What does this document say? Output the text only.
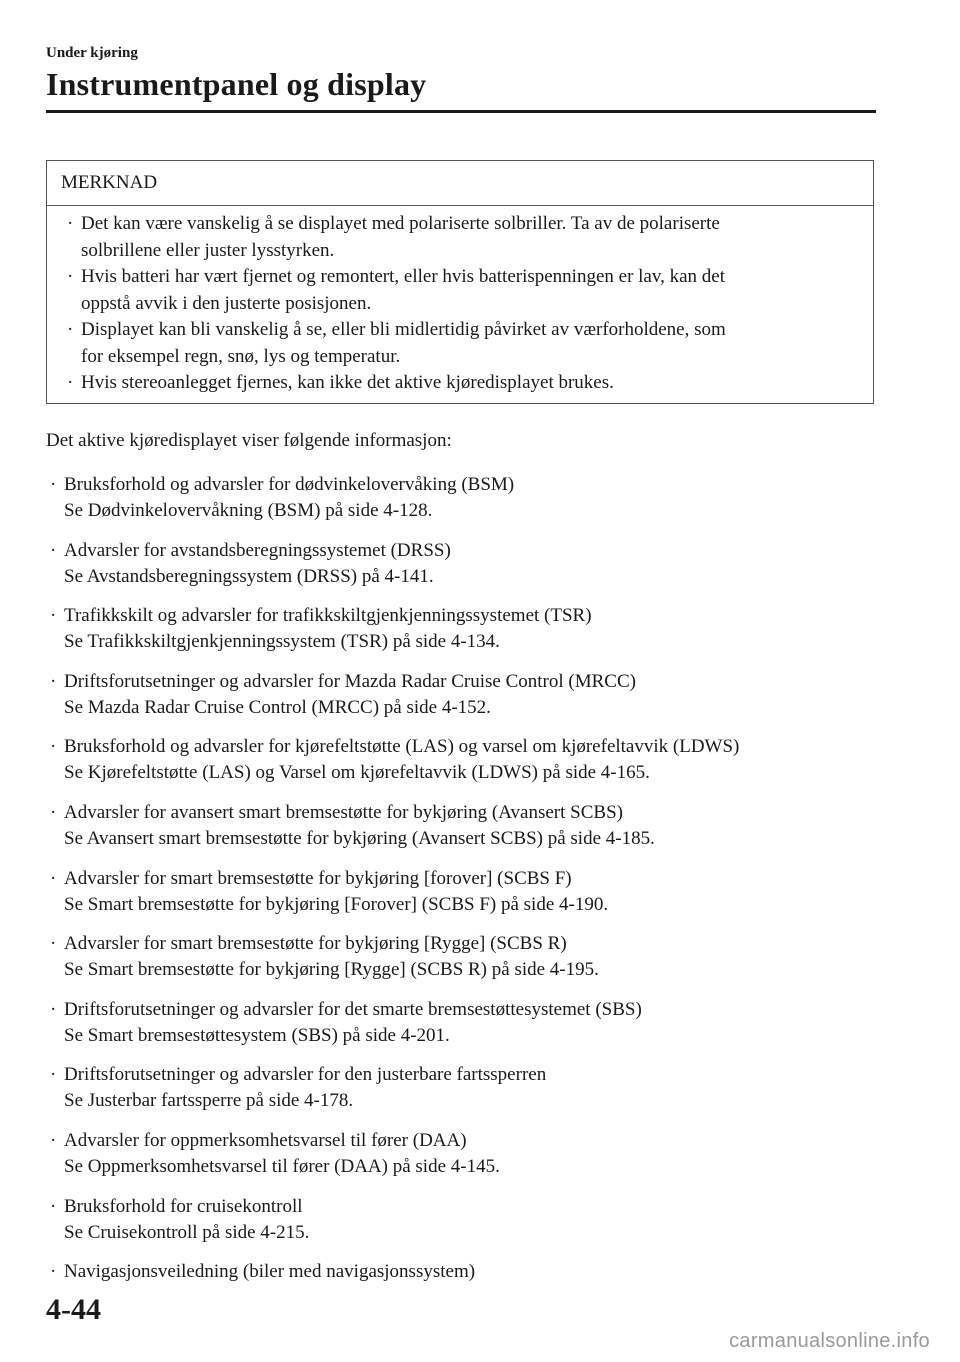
Under kjøring

Instrumentpanel og display
MERKNAD
· Det kan være vanskelig å se displayet med polariserte solbriller. Ta av de polariserte
solbrillene eller juster lysstyrken.
· Hvis batteri har vært fjernet og remontert, eller hvis batterispenningen er lav, kan det
oppstå avvik i den justerte posisjonen.
· Displayet kan bli vanskelig å se, eller bli midlertidig påvirket av værforholdene, som
for eksempel regn, snø, lys og temperatur.
· Hvis stereoanlegget fjernes, kan ikke det aktive kjøredisplayet brukes.

Det aktive kjøredisplayet viser følgende informasjon:

· Bruksforhold og advarsler for dødvinkelovervåking (BSM)
Se Dødvinkelovervåkning (BSM) på side 4-128.
· Advarsler for avstandsberegningssystemet (DRSS)
Se Avstandsberegningssystem (DRSS) på 4-141.
· Trafikkskilt og advarsler for trafikkskiltgjenkjenningssystemet (TSR)
Se Trafikkskiltgjenkjenningssystem (TSR) på side 4-134.
· Driftsforutsetninger og advarsler for Mazda Radar Cruise Control (MRCC)
Se Mazda Radar Cruise Control (MRCC) på side 4-152.
· Bruksforhold og advarsler for kjørefeltstøtte (LAS) og varsel om kjørefeltavvik (LDWS)
Se Kjørefeltstøtte (LAS) og Varsel om kjørefeltavvik (LDWS) på side 4-165.
· Advarsler for avansert smart bremsestøtte for bykjøring (Avansert SCBS)
Se Avansert smart bremsestøtte for bykjøring (Avansert SCBS) på side 4-185.
· Advarsler for smart bremsestøtte for bykjøring [forover] (SCBS F)
Se Smart bremsestøtte for bykjøring [Forover] (SCBS F) på side 4-190.
· Advarsler for smart bremsestøtte for bykjøring [Rygge] (SCBS R)
Se Smart bremsestøtte for bykjøring [Rygge] (SCBS R) på side 4-195.
· Driftsforutsetninger og advarsler for det smarte bremsestøttesystemet (SBS)
Se Smart bremsestøttesystem (SBS) på side 4-201.
· Driftsforutsetninger og advarsler for den justerbare fartssperren
Se Justerbar fartssperre på side 4-178.
· Advarsler for oppmerksomhetsvarsel til fører (DAA)
Se Oppmerksomhetsvarsel til fører (DAA) på side 4-145.
· Bruksforhold for cruisekontroll
Se Cruisekontroll på side 4-215.
· Navigasjonsveiledning (biler med navigasjonssystem)
4-44
carmanualsonline.info
